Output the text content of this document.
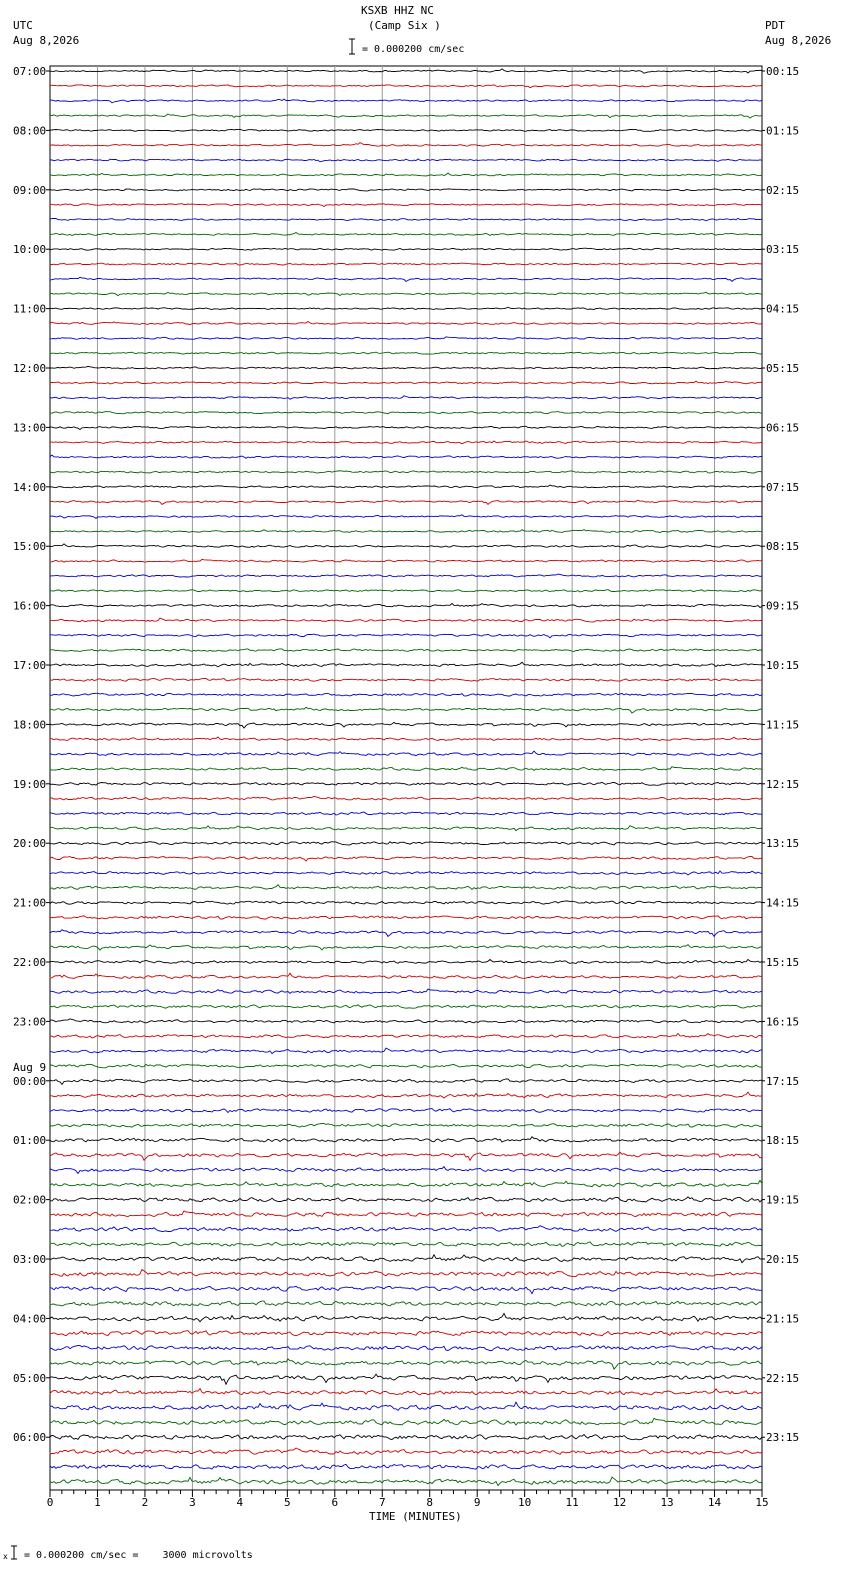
KSXB HHZ NC
(Camp Six )
UTC
Aug 8,2026
PDT
Aug 8,2026
= 0.000200 cm/sec
0	1	2	3	4	5	6	7	8	9	10	11	12	13	14	15
07:00	00:15
08:00	01:15
09:00	02:15
10:00	03:15
11:00	04:15
12:00	05:15
13:00	06:15
14:00	07:15
15:00	08:15
16:00	09:15
17:00	10:15
18:00	11:15
19:00	12:15
20:00	13:15
21:00	14:15
22:00	15:15
23:00	16:15
00:00	17:15
01:00	18:15
02:00	19:15
03:00	20:15
04:00	21:15
05:00	22:15
06:00	23:15
Aug 9
TIME (MINUTES)
x = 0.000200 cm/sec =    3000 microvolts
